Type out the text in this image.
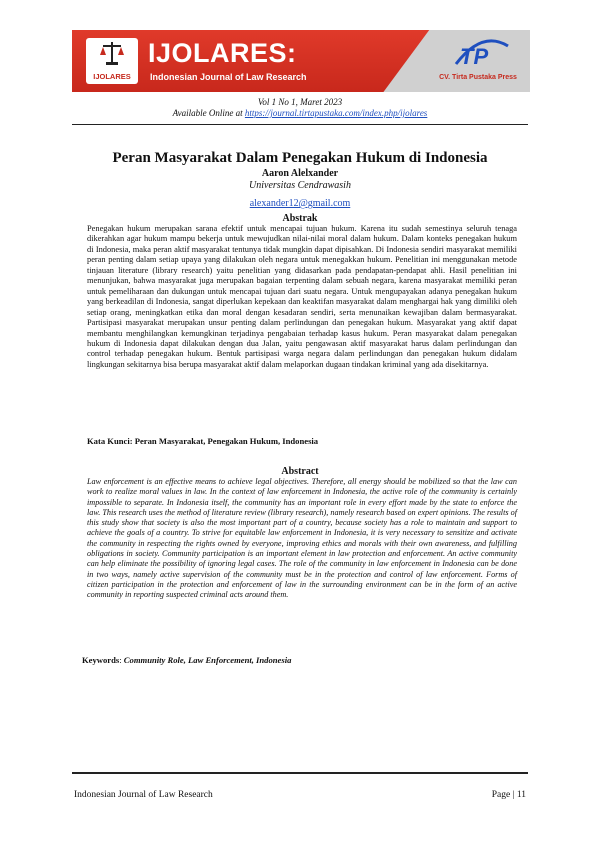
IJOLARES
IJOLARES:
Indonesian Journal of Law Research
TP
CV. Tirta Pustaka Press
Vol 1 No 1, Maret 2023
Available Online at https://journal.tirtapustaka.com/index.php/ijolares
Peran Masyarakat Dalam Penegakan Hukum di Indonesia
Aaron Alelxander
Universitas Cendrawasih
alexander12@gmail.com
Abstrak
Penegakan hukum merupakan sarana efektif untuk mencapai tujuan hukum. Karena itu sudah semestinya seluruh tenaga dikerahkan agar hukum mampu bekerja untuk mewujudkan nilai-nilai moral dalam hukum. Dalam konteks penegakan hukum di Indonesia, maka peran aktif masyarakat tentunya tidak mungkin dapat dipisahkan. Di Indonesia sendiri masyarakat memiliki peran penting dalam setiap upaya yang dilakukan oleh negara untuk menegakkan hukum. Penelitian ini menggunakan metode tinjauan literature (library research) yaitu penelitian yang didasarkan pada pendapatan-pendapat ahli. Hasil penelitian ini menunjukan, bahwa masyarakat juga merupakan bagaian terpenting dalam sebuah negara, karena masyarakat memiliki peran untuk pemeliharaan dan dukungan untuk mencapai tujuan dari suatu negara. Untuk mengupayakan adanya penegakan hukum yang berkeadilan di Indonesia, sangat diperlukan kepekaan dan keaktifan masyarakat dalam menghargai hak yang dimiliki oleh setiap orang, meningkatkan etika dan moral dengan kesadaran sendiri, serta menunaikan kewajiban dalam bermasyarakat. Partisipasi masyarakat merupakan unsur penting dalam perlindungan dan penegakan hukum. Masyarakat yang aktif dapat membantu menghilangkan kemungkinan terjadinya pengabaian terhadap kasus hukum. Peran masyarakat dalam penegakan hukum di Indonesia dapat dilakukan dengan dua Jalan, yaitu pengawasan aktif masyarakat harus dalam perlindungan dan control terhadap penegakan hukum. Bentuk partisipasi warga negara dalam perlindungan dan penegakan hukum didalam lingkungan sekitarnya bisa berupa masyarakat aktif dalam melaporkan dugaan tindakan kriminal yang ada disekitarnya.
Kata Kunci: Peran Masyarakat, Penegakan Hukum, Indonesia
Abstract
Law enforcement is an effective means to achieve legal objectives. Therefore, all energy should be mobilized so that the law can work to realize moral values in law. In the context of law enforcement in Indonesia, the active role of the community is certainly impossible to separate. In Indonesia itself, the community has an important role in every effort made by the state to enforce the law. This research uses the method of literature review (library research), namely research based on expert opinions. The results of this study show that society is also the most important part of a country, because society has a role to maintain and support to achieve the goals of a country. To strive for equitable law enforcement in Indonesia, it is very necessary to sensitize and activate the community in respecting the rights owned by everyone, improving ethics and morals with their own awareness, and fulfilling obligations in society. Community participation is an important element in law protection and enforcement. An active community can help eliminate the possibility of ignoring legal cases. The role of the community in law enforcement in Indonesia can be done in two ways, namely active supervision of the community must be in the protection and control of law enforcement. Forms of citizen participation in the protection and enforcement of law in the surrounding environment can be in the form of an active community in reporting suspected criminal acts around them.
Keywords: Community Role, Law Enforcement, Indonesia
Indonesian Journal of Law Research	Page | 11
